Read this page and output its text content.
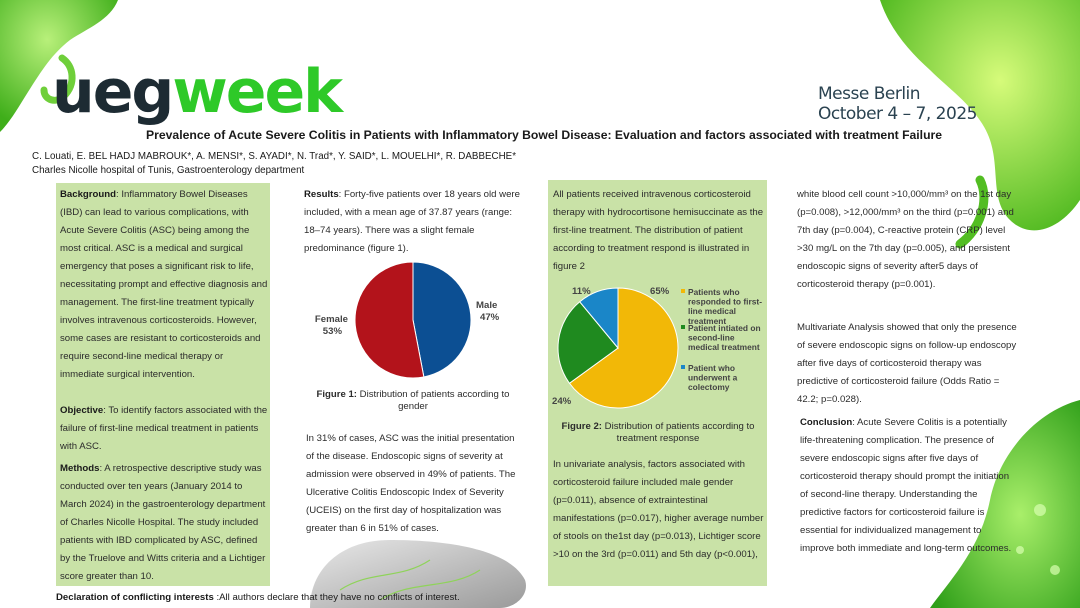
uegweek	Messe Berlin
October 4 – 7, 2025
Prevalence of Acute Severe Colitis in Patients with Inflammatory Bowel Disease: Evaluation and factors associated with treatment Failure
C. Louati, E. BEL HADJ MABROUK*, A. MENSI*, S. AYADI*, N. Trad*, Y. SAID*, L. MOUELHI*, R. DABBECHE*
Charles Nicolle hospital of Tunis, Gastroenterology department

Background: Inflammatory Bowel Diseases (IBD) can lead to various complications, with Acute Severe Colitis (ASC) being among the most critical. ASC is a medical and surgical emergency that poses a significant risk to life, necessitating prompt and effective diagnosis and management. The first-line treatment typically involves intravenous corticosteroids. However, some cases are resistant to corticosteroids and require second-line medical therapy or immediate surgical intervention.

Objective: To identify factors associated with the failure of first-line medical treatment in patients with ASC.

Methods: A retrospective descriptive study was conducted over ten years (January 2014 to March 2024) in the gastroenterology department of Charles Nicolle Hospital. The study included patients with IBD complicated by ASC, defined by the Truelove and Witts criteria and a Lichtiger score greater than 10.

Results: Forty-five patients over 18 years old were included, with a mean age of 37.87 years (range: 18–74 years). There was a slight female predominance (figure 1).

Male
47%
Female
53%
Figure 1: Distribution of patients according to gender

In 31% of cases, ASC was the initial presentation of the disease. Endoscopic signs of severity at admission were observed in 49% of patients. The Ulcerative Colitis Endoscopic Index of Severity (UCEIS) on the first day of hospitalization was greater than 6 in 51% of cases.

All patients received intravenous corticosteroid therapy with hydrocortisone hemisuccinate as the first-line treatment. The distribution of patient according to treatment respond is illustrated in figure 2

65%
24%
11%	Patients who responded to first-line medical treatment
Patient intiated on second-line medical treatment
Patient who underwent a colectomy
Figure 2: Distribution of patients according to treatment response

In univariate analysis, factors associated with corticosteroid failure included male gender (p=0.011), absence of extraintestinal manifestations (p=0.017), higher average number of stools on the1st day (p=0.013), Lichtiger score >10 on the 3rd (p=0.011) and 5th day (p<0.001),

white blood cell count >10,000/mm³ on the 1st day (p=0.008), >12,000/mm³ on the third (p=0.001) and 7th day (p=0.004), C-reactive protein (CRP) level >30 mg/L on the 7th day (p=0.005), and persistent endoscopic signs of severity after5 days of corticosteroid therapy (p=0.001).

Multivariate Analysis showed that only the presence of severe endoscopic signs on follow-up endoscopy after five days of corticosteroid therapy was predictive of corticosteroid failure (Odds Ratio = 42.2; p=0.028).

Conclusion: Acute Severe Colitis is a potentially life-threatening complication. The presence of severe endoscopic signs after five days of corticosteroid therapy should prompt the initiation of second-line therapy. Understanding the predictive factors for corticosteroid failure is essential for individualized management to improve both immediate and long-term outcomes.

Declaration of conflicting interests :All authors declare that they have no conflicts of interest.
